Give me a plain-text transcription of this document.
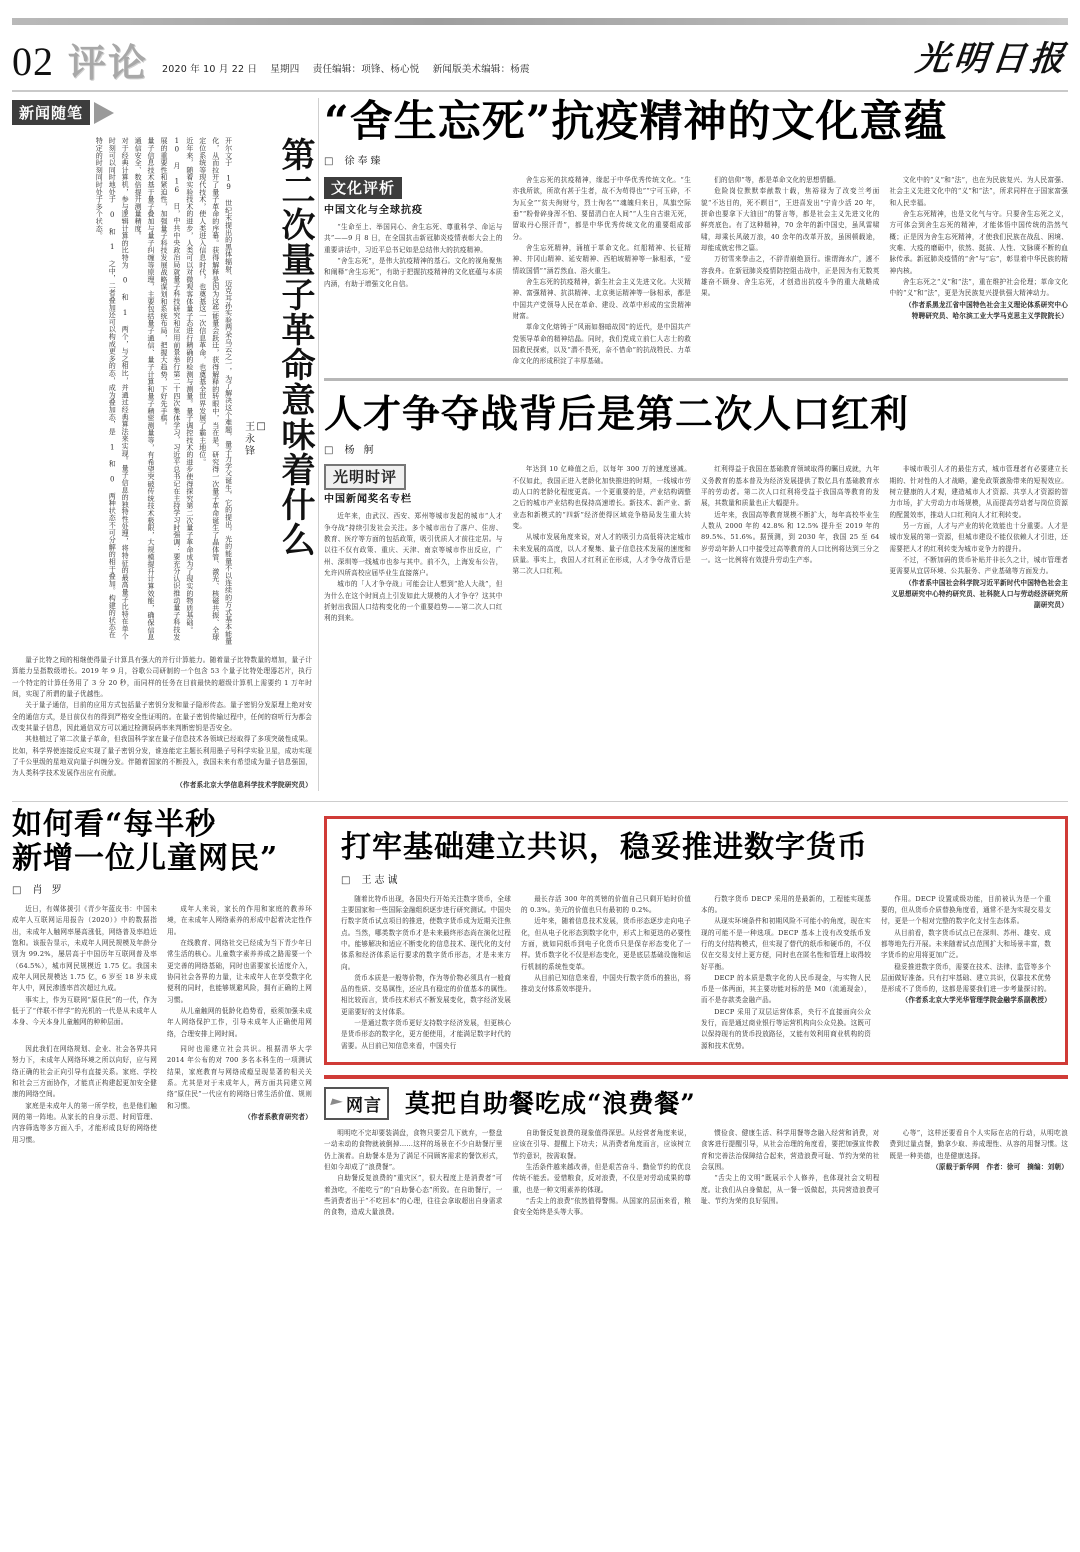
02 评论 2020 年 10 月 22 日 星期四 责任编辑：项锋、杨心悦 新闻版美术编辑：杨震	光明日报
新闻随笔
第二次量子革命意味着什么
□
王永锋

开尔文于 19 世纪末提出的黑体辐射、迈克耳孙实验两朵乌云之一，为了解决这个难题，量子力学父诞生，它的提出，光的能量不以连续的方式基本能量化，从而拉开了量子革命的序幕。获得解释是因为这些能量会跃迁，获得解释的转眼中，当在是，研究得一次量子革命诞生了晶体管、激光、核磁共振、全球定位系统等现代技术，使人类进入信息时代，也奠基这一次信息革命，也奠基全世界发展了霸主地位。

近年来，随着实验技术的进步，人类可以对微观客体量子态进行精确的检测与测量。量子调控技术的进步使得探究第二次量子革命成为了现实的物质基础。10 月 16 日，中共中央政治局就量子科技研究和应用前景举行第二十四次集体学习，习近平总书记在主持学习时强调：要充分认识推动量子科技发展的重要性和紧迫性，加强量子科技发展战略谋划和系统布局，把握大趋势，下好先手棋。

量子信息技术基于量子叠加与量子纠缠等原理，主要包括量子通信、量子计算和量子精密测量等，有希望突破传统技术极限，大规模提升计算效能，确保信息通信安全、数倍提升测量精度。

对于经典计算机，参与逻辑计算的比特为 0 和 1 两个，与之相比，并通过经典算法来实现。量子信息的独特性处理，将特征的最高量子比特在单个时刻可以同时地处于 0 和 1 之中，二者叠加还可以构成更多的态，成为叠加态，是 1 和 0 两种状态不可分解的相干叠加。构建的状态在特定的时刻同时处于多个状态。

量子比特之间的相继使得量子计算具有强大的并行计算能力。随着量子比特数量的增加，量子计算能力呈指数级增长。2019 年 9 月，谷歌公司研制的一个包含 53 个量子比特处理器芯片，执行一个特定的计算任务用了 3 分 20 秒，而同样的任务在目前最快的超级计算机上需要约 1 万年时间，实现了所谓的量子优越性。

关于量子通信，目前的应用方式包括量子密钥分发和量子隐形传态。量子密钥分发原理上绝对安全的通信方式，是目前仅有的得到严格安全性证明的。在量子密钥传输过程中，任何的窃听行为都会改变其量子信息，因此通信双方可以通过检测误码率来判断密钥是否安全。

其他植过了第二次量子革命，但我国科学家在量子信息技术各领域已经取得了多项突破性成果。比如，科学界使连接反应实现了量子密钥分发，谁连能定主题长利用墨子号科学实验卫星，成功实现了千公里级的星地双向量子纠缠分发。伴随着国家的不断投入，我国未来有希望成为量子信息强国，为人类科学技术发展作出应有贡献。

（作者系北京大学信息科学技术学院研究员）

“舍生忘死”抗疫精神的文化意蕴
□ 徐奉臻
文化评析
中国文化与全球抗疫

“生命至上、举国同心、舍生忘死、尊重科学、命运与共”——9 月 8 日，在全国抗击新冠肺炎疫情表彰大会上的重要讲话中，习近平总书记如是总结伟大的抗疫精神。

“舍生忘死”，是伟大抗疫精神的基石。文化的视角聚焦和阐释“舍生忘死”，有助于把握抗疫精神的文化底蕴与本质内涵，有助于增强文化自信。

舍生忘死的抗疫精神，缘起于中华优秀传统文化。“生亦我所欲，所欲有甚于生者，故不为苟得也”“宁可玉碎，不为瓦全”“贫夫徇财兮，烈士徇名”“魂魄归来日，凤旗空际垂”“粉骨碎身浑不怕、要留清白在人间”“人生自古谁无死，留取丹心照汗青”，都是中华优秀传统文化的重要组成部分。

舍生忘死精神，涌植于革命文化。红船精神、长征精神、井冈山精神、延安精神、西柏坡精神等一脉相承，“爱情故国情”“涵若然血、浴火重生。

舍生忘死的抗疫精神，新生社会主义先进文化。大災精神、富强精神、抗洪精神、北京奥运精神等一脉相承，都是中国共产党领导人民在革命、建设、改革中形成的宝贵精神财富。

革命文化熔铸于“风雨如磐暗故园”的近代，是中国共产党领导革命的精神结晶。同时，我们党成立前仁人志士的救国救民探索，以及“潜不畏死，奈不惜命”的抗战牲民、力革命文化的形成积淀了丰厚基础。

们的信仰”等，都是革命文化的思想情髓。

危险岗位默默奉献数十载，焦裕禄为了改变兰考面貌“不达目的，死不瞑目”，王进喜发出“宁肯少活 20 年，拼命也要拿下大油田”的誓言等，都是社会主义先进文化的鲜亮底色。有了这种精神，70 余年的新中国史，虽风雷啸啸，却乘长风破万浪，40 余年的改革开放，虽困顿载途，却能成就宏伟之篇。

万仞雪来拳击之，不辞青崩绝顶行。谁谓海水广，遽不容我舟。在新冠肺炎疫情防控阻击战中，正是因为有无数英雄奋不顾身、舍生忘死，才创造出抗疫斗争的重大战略成果。

文化中的“义”和“法”，也在为民族复兴、为人民富强、社会主义先进文化中的“义”和“法”，所求同样在于国家富强和人民幸福。

舍生忘死精神，也是文化气与守。只要舍生忘死之义，方可体会到舍生忘死的精神，才能体悟中国传统的浩然气概；正是因为舍生忘死精神，才使我们民族在战乱、困境、灾难、大疫的磨砺中，依然、挺拔、人性、文脉赓不断的血脉传承。新冠肺炎疫情的“舍”与“忘”，彰显着中华民族的精神内核。

舍生忘死之“义”和“法”，重在维护社会伦理；革命文化中的“义”和“法”，更是为民族复兴提供强大精神动力。

（作者系黑龙江省中国特色社会主义理论体系研究中心特聘研究员、哈尔滨工业大学马克思主义学院院长）

人才争夺战背后是第二次人口红利
□ 杨 舸
光明时评
中国新闻奖名专栏

近年来，由武汉、西安、郑州等城市发起的城市“人才争夺战”持续引发社会关注。多个城市出台了落户、住房、教育、医疗等方面的包括政策，吸引优质人才前往定居。与以往不仅有政策、重庆、天津、南京等城市作出反应，广州、深圳等一线城市也参与其中。前不久，上海发布公告，允许四所高校应届毕业生直接落户。

城市的「人才争夺战」可能会让人想到“抢人大战”，但为什么在这个时间点上引发如此大规模的人才争夺？这其中折射出我国人口结构变化的一个重要趋势——第二次人口红利的到来。

年达到 10 亿峰值之后，以每年 300 万的速度递减。不仅如此，我国正进入老龄化加快推进的时期，一线城市劳动人口的老龄化程度更高。一个更重要的是，产业结构调整之后的城市产业结构也保持高速增长。新技术、新产业、新业态和新模式的“四新”经济使得区域竞争格局发生重大转变。

从城市发展角度来说，对人才的吸引力高低将决定城市未来发展的高度，以人才聚集、量子信息技术发展的速度和质量。事实上，我国人才红利正在形成，人才争夺战背后是第二次人口红利。

红利得益于我国在基础教育领域取得的瞩目成就，九年义务教育的基本普及为经济发展提供了数亿具有基础教育水平的劳动者。第二次人口红利将受益于我国高等教育的发展，其数量和质量也正大幅提升。

近年来，我国高等教育规模不断扩大，每年高校毕业生人数从 2000 年的 42.8% 和 12.5% 提升至 2019 年的 89.5%、51.6%。据预测，到 2030 年，我国 25 至 64 岁劳动年龄人口中接受过高等教育的人口比例将达到三分之一。这一比例将有效提升劳动生产率。

非城市吸引人才的最佳方式，城市管理者有必要建立长期的、针对性的人才战略，避免政策激励带来的短视效应。树立健康的人才观，建造城市人才资源、共享人才资源的智力市场，扩大劳动力市场规模，从而提高劳动者与岗位资源的配置效率，推动人口红利向人才红利转变。

另一方面，人才与产业的转化效能也十分重要。人才是城市发展的第一资源，但城市建设不能仅依赖人才引进，还需要把人才的红利转变为城市竞争力的提升。

不过，不断加码的货币补贴并非长久之计，城市管理者更需要从宜居环境、公共服务、产业基础等方面发力。

（作者系中国社会科学院习近平新时代中国特色社会主义思想研究中心特约研究员、社科院人口与劳动经济研究所副研究员）

如何看“每半秒
新增一位儿童网民”
□ 肖 罗

近日，有媒体援引《青少年蓝皮书：中国未成年人互联网运用报告（2020）》中的数据指出，未成年人触网率屡高涨低，网络普及率趋近饱和。该报告显示，未成年人网民规模及年龄分别为 99.2%，屡居高于中国历年互联网普及率（64.5%），城市网民规模近 1.75 亿。我国未成年人网民规模达 1.75 亿，6 岁至 18 岁未成年人中，网民渗透率首次超过九成。

事实上，作为互联网“原住民”的一代，作为低于了“伴联不伴学”的光机的一代是从未成年人本身、今天本身儿童触网的种种层面。

成年人来说，家长的作用和家庭的教养环境，在未成年人网络素养的形成中起着决定性作用。

在线教育、网络社交已经成为当下青少年日常生活的核心。儿童数字素养养成之路需要一个更完善的网络基础，同时也需要家长适度介入，协同社会各界的力量，让未成年人在享受数字化便利的同时，也能够规避风险，拥有正确的上网习惯。

从儿童触网的低龄化趋势看，亟须加强未成年人网络保护工作，引导未成年人正确使用网络，合理安排上网时间。

因此我们在网络规划、企业、社会各界共同努力下，未成年人网络环境之所以向好，应与网络正确的社会正向引导有直接关系。家庭、学校和社会三方面协作，才能真正构建起更加安全健康的网络空间。

家庭是未成年人的第一所学校，也是他们触网的第一阵地。从家长的自身示范、时间管理、内容筛选等多方面入手，才能形成良好的网络使用习惯。

同时也需建立社会共识。根据清华大学 2014 年公布的对 700 多名本科生的一项测试结果，家庭教育与网络成瘾呈现显著的相关关系。尤其是对于未成年人，两方面共同建立网络“原住民”一代应有的网络日常生活价值、规则和习惯。

（作者系教育研究者）

打牢基础建立共识，稳妥推进数字货币
□ 王志诚

随着比特币出现，各国央行开始关注数字货币，全球主要国家和一些国际金融组织逐步进行研究测试。中国央行数字货币试点项目的推进，使数字货币成为近期关注焦点。当然，哪类数字货币才是未来最终形态尚在演化过程中。能够解决和适应不断变化的信息技术、现代化的支付体系和经济体系运行要求的数字货币形态，才是未来方向。

货币本质是一般等价物，作为等价物必须具有一般商品的性质、交易属性，还应具有稳定的价值基本的属性。相比较而言，货币技术形式不断发展变化，数字经济发展更需要好的支付体系。

一是通过数字货币更好支持数字经济发展，但更核心是货币形态的数字化，更方便使用，才能满足数字时代的需要。从目前已知信息来看，中国央行

最长存活 300 年的英镑的价值自己只剩开始时价值的 0.3%。美元的价值也只有最初的 0.2%。

近年来，随着信息技术发展，货币形态逐步走向电子化，但从电子化形态到数字化中，形式上和更迭的必要性方面，就如同纸币到电子化货币只是保存形态变化了一样。货币数字化不仅是形态变化，更是底层基础设施和运行机制的系统性变革。

从目前已知信息来看，中国央行数字货币的推出，将推动支付体系效率提升。

行数字货币 DECP 采用的是最新的，工程能实现基本的。

从现实环境条件和初期风险不可能小的角度，现在实现的可能不是一种选项。DECP 基本上没有改变纸币发行的支付结构模式，但实现了替代的纸币和硬币的，不仅仅在交易支付上更方便，同时也在匿名性和管理上取得较好平衡。

DECP 的本质是数字化的人民币现金，与实物人民币是一体两面，其主要功能对标的是 M0（流通现金），而不是存款类金融产品。

DECP 采用了双层运营体系，央行不直接面向公众发行，而是通过商业银行等运营机构向公众兑换。这既可以保持现有的货币投放路径，又能有效利用商业机构的资源和技术优势。

作用。DECP 设置或级功能，目前被认为是一个重要的，但从货币介质替换角度看，通常不是为实现交易支付，更是一个相对完整的数字化支付生态体系。

从目前看，数字货币试点已在深圳、苏州、雄安、成都等地先行开展。未来随着试点范围扩大和场景丰富，数字货币的应用将更加广泛。

稳妥推进数字货币，需要在技术、法律、监管等多个层面做好准备。只有打牢基础、建立共识，仅靠技术优势是形成不了货币的，这都是需要我们进一步考量探讨的。

（作者系北京大学光华管理学院金融学系副教授）

网言 莫把自助餐吃成“浪费餐”

明明吃不完却要装满盘，食物只要尝几下就弃，一整盘一动未动的食物就被倒掉……这样的场景在不少自助餐厅里仍上演着。自助餐本是为了满足不同顾客需求的餐饮形式，但如今却成了“浪费餐”。

自助餐反复浪费的“重灾区”，很大程度上是消费者“可着劲吃，不能吃亏”的“自助餐心态”所致。在自助餐厅，一些消费者出于“不吃回本”的心理，往往会拿取超出自身需求的食物，造成大量浪费。

自助餐反复浪费的现象值得深思。从经营者角度来说，应该在引导、提醒上下功夫；从消费者角度而言，应该树立节约意识，按需取餐。

生活条件越来越改善，但是艰苦奋斗、勤俭节约的优良传统不能丢。爱惜粮食，反对浪费，不仅是对劳动成果的尊重，也是一种文明素养的体现。

“舌尖上的浪费”依然值得警惕。从国家的层面来看，粮食安全始终是头等大事。

惯俭食、健康生活、科学用餐等念融入经营和消费，对食客进行提醒引导，从社会治理的角度看，要把加强宣传教育和完善法治保障结合起来，营造浪费可耻、节约为荣的社会氛围。

“舌尖上的文明”既展示个人修养，也体现社会文明程度。让我们从自身做起，从一餐一饭做起，共同营造浪费可耻、节约为荣的良好氛围。

心等”，这样还要看自个人实际在店的行动，从明吃浪费到过量点餐，勤拿少取、养成理性、从容的用餐习惯。这既是一种美德，也是健康选择。

（原载于新华网　作者：徐可　摘编：刘朝）
